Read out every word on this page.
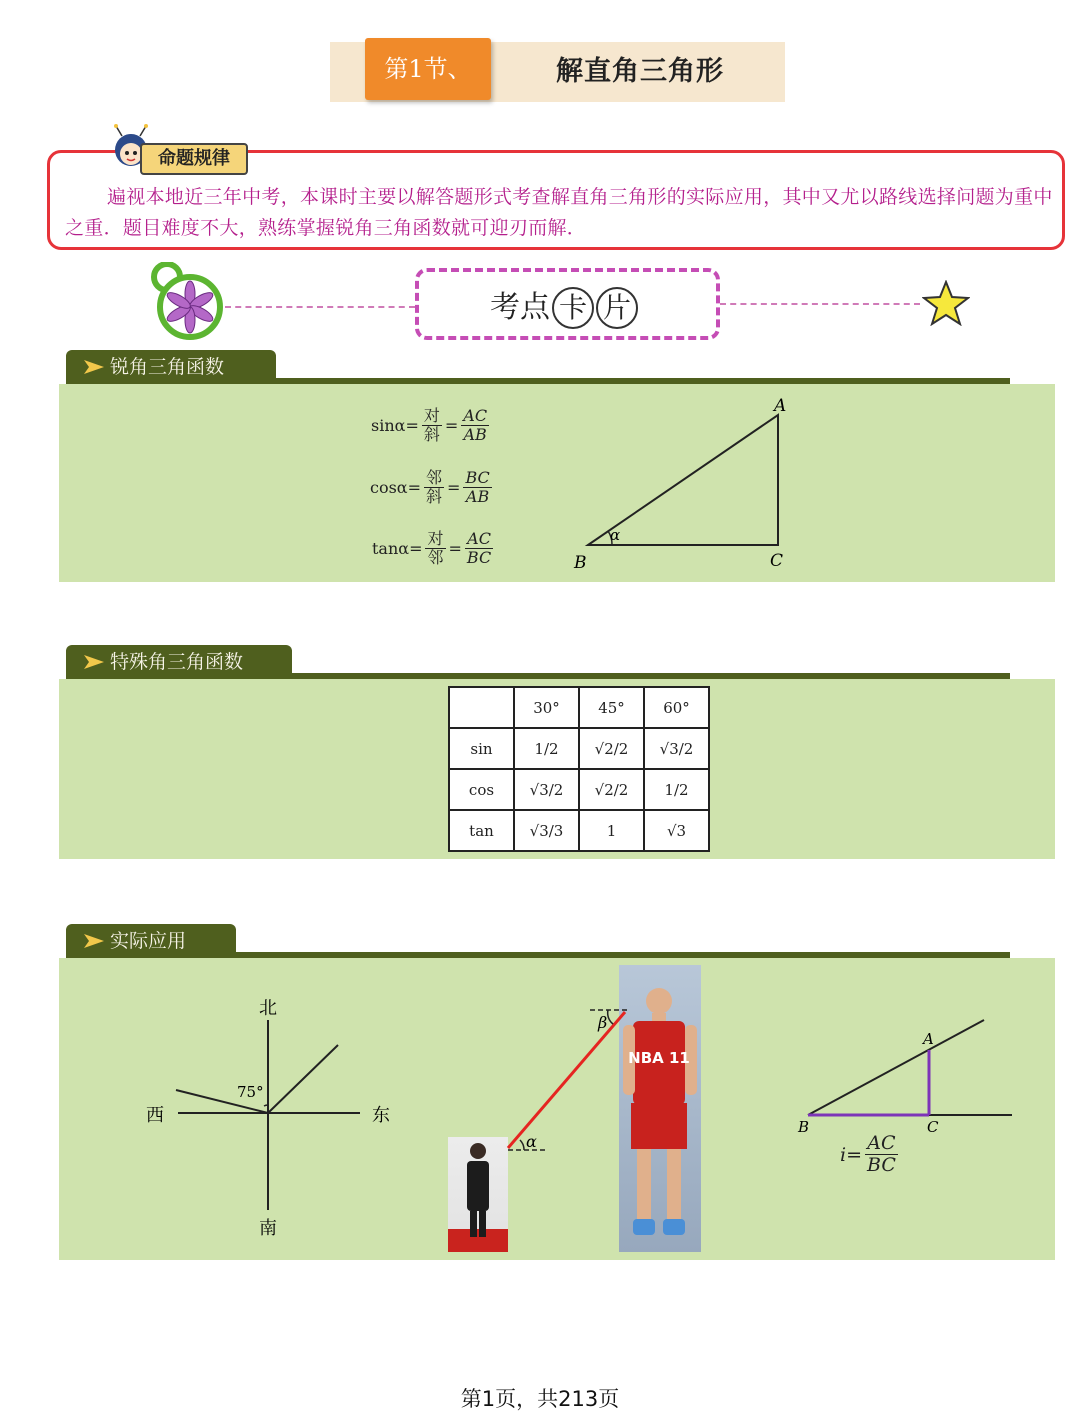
第1节、	解直角三角形
命题规律
遍视本地近三年中考，本课时主要以解答题形式考查解直角三角形的实际应用，其中又尤以路线选择问题为重中之重．题目难度不大，熟练掌握锐角三角函数就可迎刃而解．
考点 卡 片
锐角三角函数
$\sin\alpha = \frac{\text{对}}{\text{斜}} = \frac{AC}{AB}$
$\cos\alpha = \frac{\text{邻}}{\text{斜}} = \frac{BC}{AB}$
$\tan\alpha = \frac{\text{对}}{\text{邻}} = \frac{AC}{BC}$
A
B	C
α
特殊角三角函数
	30°	45°	60°
sin	1/2	√2/2	√3/2
cos	√3/2	√2/2	1/2
tan	√3/3	1	√3
实际应用
北
南
西	东
75°
NBA 11
α
β
A
B	C
$i= \frac{AC}{BC}$
第1页，共213页
